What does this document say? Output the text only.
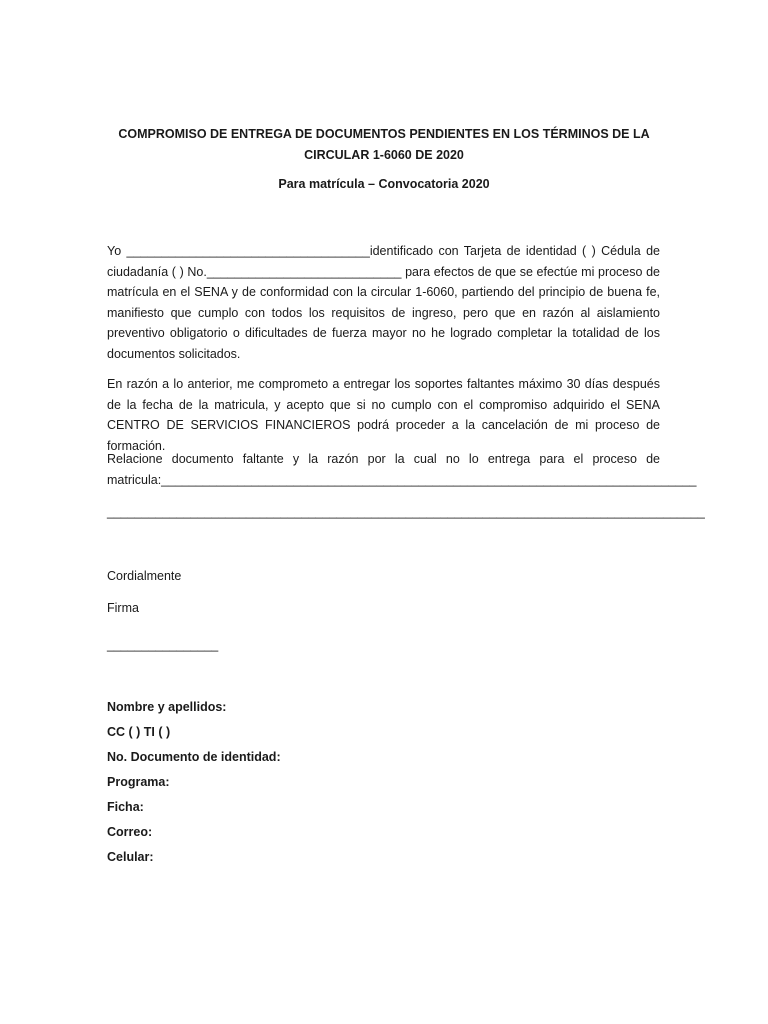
COMPROMISO DE ENTREGA DE DOCUMENTOS PENDIENTES EN LOS TÉRMINOS DE LA CIRCULAR 1-6060 DE 2020

Para matrícula – Convocatoria 2020

Yo ___________________________________identificado con Tarjeta de identidad ( ) Cédula de ciudadanía ( ) No.____________________________ para efectos de que se efectúe mi proceso de matrícula en el SENA y de conformidad con la circular 1-6060, partiendo del principio de buena fe, manifiesto que cumplo con todos los requisitos de ingreso, pero que en razón al aislamiento preventivo obligatorio o dificultades de fuerza mayor no he logrado completar la totalidad de los documentos solicitados.

En razón a lo anterior, me comprometo a entregar los soportes faltantes máximo 30 días después de la fecha de la matricula, y acepto que si no cumplo con el compromiso adquirido el SENA CENTRO DE SERVICIOS FINANCIEROS podrá proceder a la cancelación de mi proceso de formación.

Relacione documento faltante y la razón por la cual no lo entrega para el proceso de matricula:_____________________________________________________________________________

______________________________________________________________________________________

Cordialmente

Firma

________________

Nombre y apellidos:

CC ( ) TI ( )

No. Documento de identidad:

Programa:

Ficha:

Correo:

Celular:
